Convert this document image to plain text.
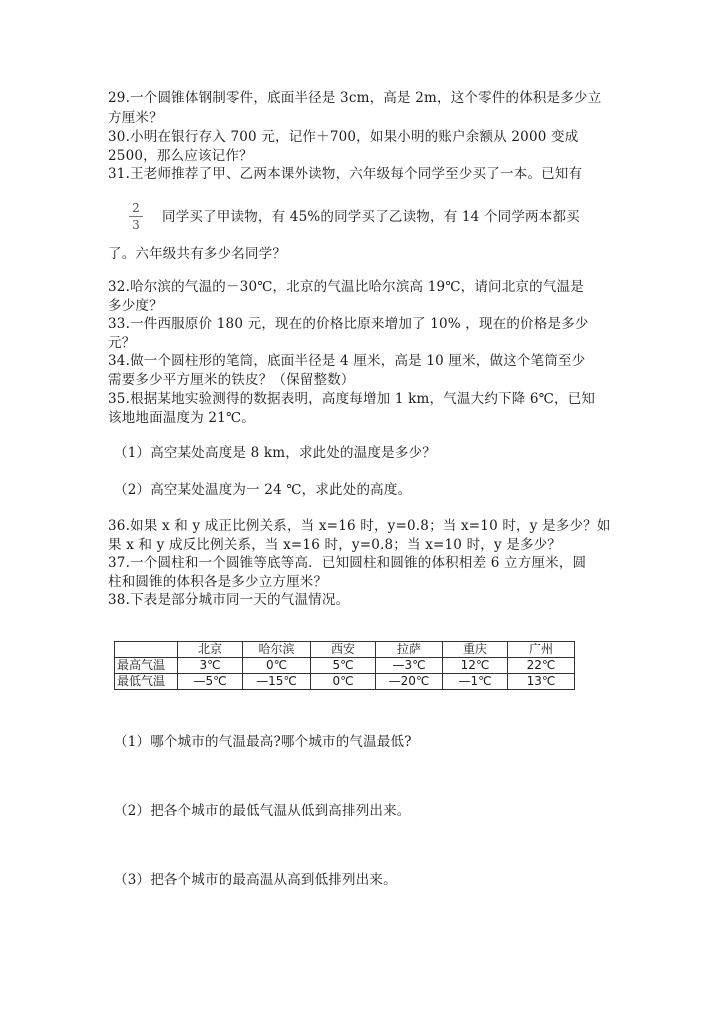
29.一个圆锥体钢制零件，底面半径是 3cm，高是 2m，这个零件的体积是多少立
方厘米？
30.小明在银行存入 700 元，记作＋700，如果小明的账户余额从 2000 变成
2500，那么应该记作？
31.王老师推荐了甲、乙两本课外读物，六年级每个同学至少买了一本。已知有
2
3	同学买了甲读物，有 45%的同学买了乙读物，有 14 个同学两本都买
了。六年级共有多少名同学？
32.哈尔滨的气温的－30℃，北京的气温比哈尔滨高 19℃，请问北京的气温是
多少度？
33.一件西服原价 180 元，现在的价格比原来增加了 10% ，现在的价格是多少
元？
34.做一个圆柱形的笔筒，底面半径是 4 厘米，高是 10 厘米，做这个笔筒至少
需要多少平方厘米的铁皮？（保留整数）
35.根据某地实验测得的数据表明，高度每增加 1 km，气温大约下降 6℃，已知
该地地面温度为 21℃。
（1）高空某处高度是 8 km，求此处的温度是多少？
（2）高空某处温度为一 24 ℃，求此处的高度。
36.如果 x 和 y 成正比例关系，当 x=16 时，y=0.8；当 x=10 时，y 是多少？如
果 x 和 y 成反比例关系，当 x=16 时，y=0.8；当 x=10 时，y 是多少？
37.一个圆柱和一个圆锥等底等高．已知圆柱和圆锥的体积相差 6 立方厘米，圆
柱和圆锥的体积各是多少立方厘米？
38.下表是部分城市同一天的气温情况。
	北京	哈尔滨	西安	拉萨	重庆	广州
最高气温	3℃	0℃	5℃	—3℃	12℃	22℃
最低气温	—5℃	—15℃	0℃	—20℃	—1℃	13℃
（1）哪个城市的气温最高?哪个城市的气温最低?
（2）把各个城市的最低气温从低到高排列出来。
（3）把各个城市的最高温从高到低排列出来。
